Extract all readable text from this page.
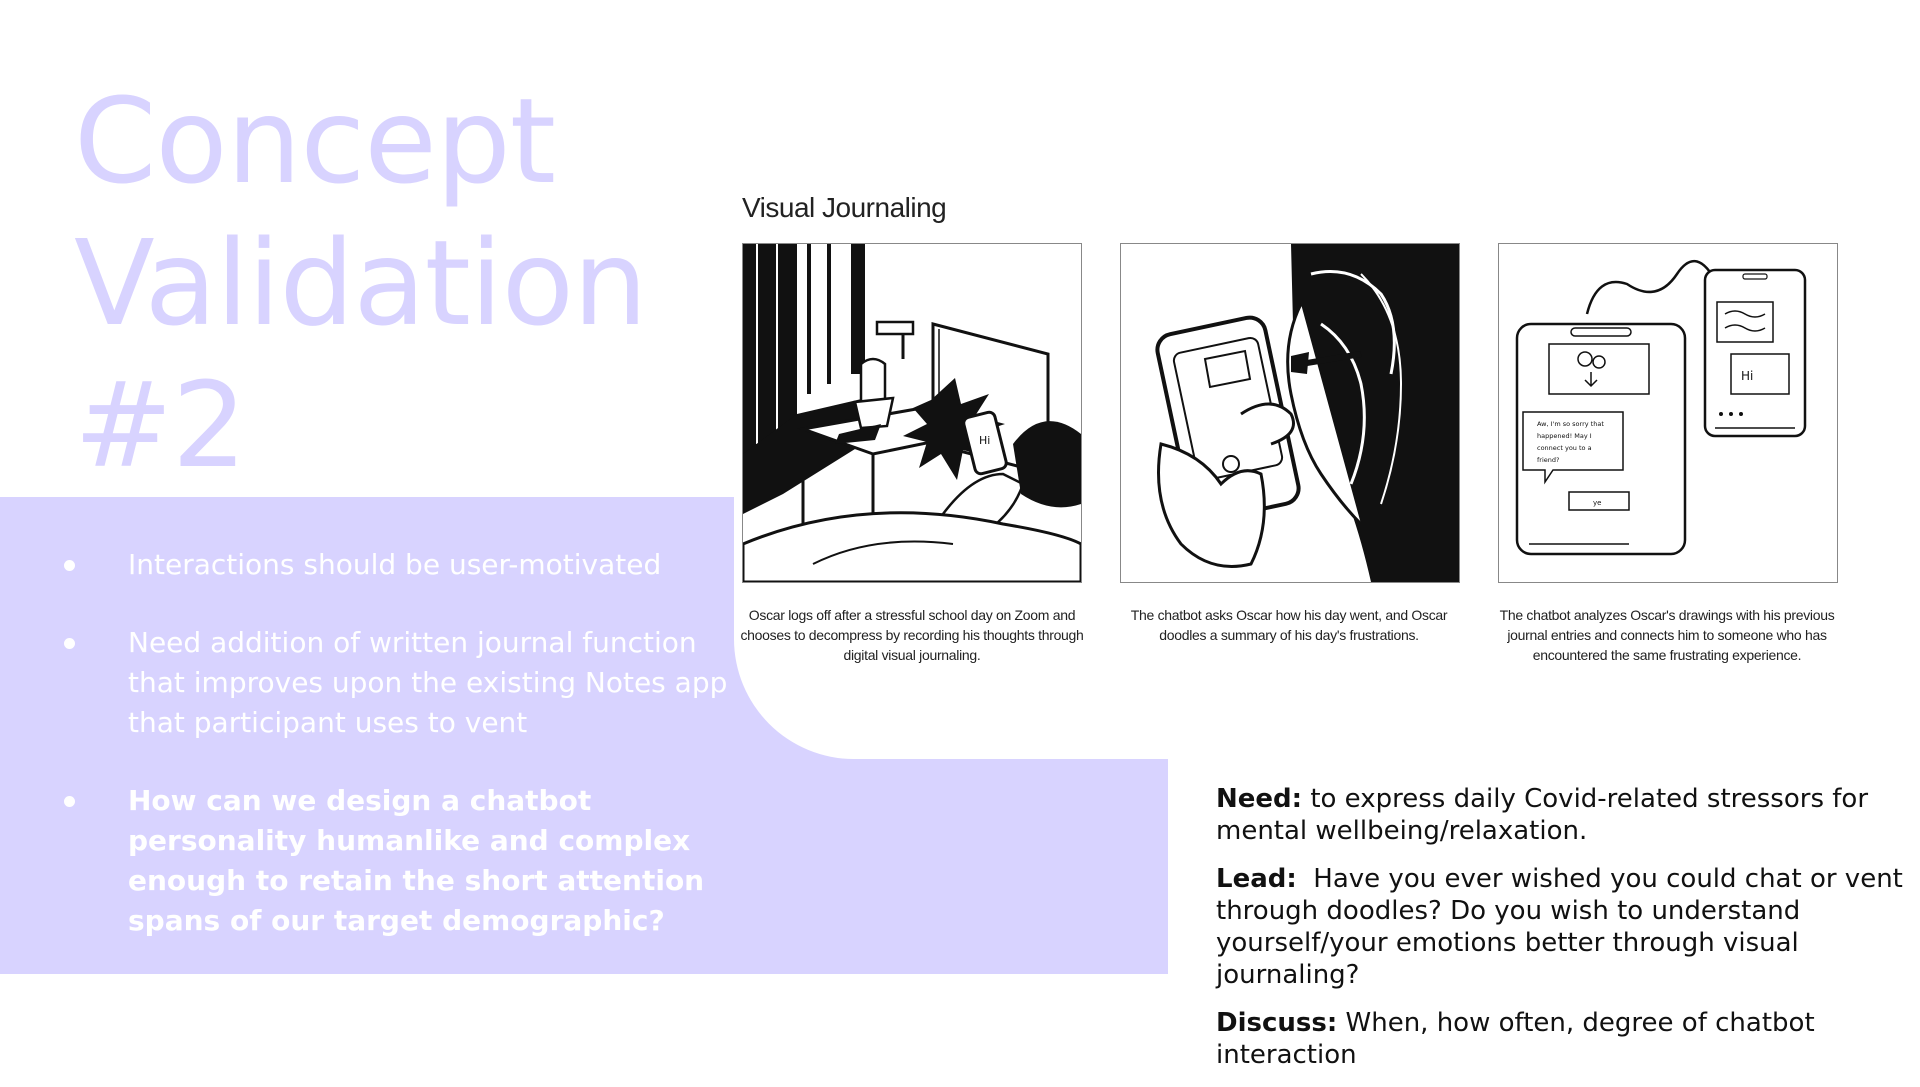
Concept
Validation
#2
Interactions should be user-motivated
Need addition of written journal function that improves upon the existing Notes app that participant uses to vent
How can we design a chatbot personality humanlike and complex enough to retain the short attention spans of our target demographic?
Visual Journaling
Hi
Oscar logs off after a stressful school day on Zoom and chooses to decompress by recording his thoughts through digital visual journaling.
The chatbot asks Oscar how his day went, and Oscar doodles a summary of his day's frustrations.
Aw, I'm so sorry that
happened! May I
connect you to a
friend?
ye
Hi
The chatbot analyzes Oscar's drawings with his previous journal entries and connects him to someone who has encountered the same frustrating experience.

Need: to express daily Covid-related stressors for mental wellbeing/relaxation.

Lead: Have you ever wished you could chat or vent through doodles? Do you wish to understand yourself/your emotions better through visual journaling?

Discuss: When, how often, degree of chatbot interaction
